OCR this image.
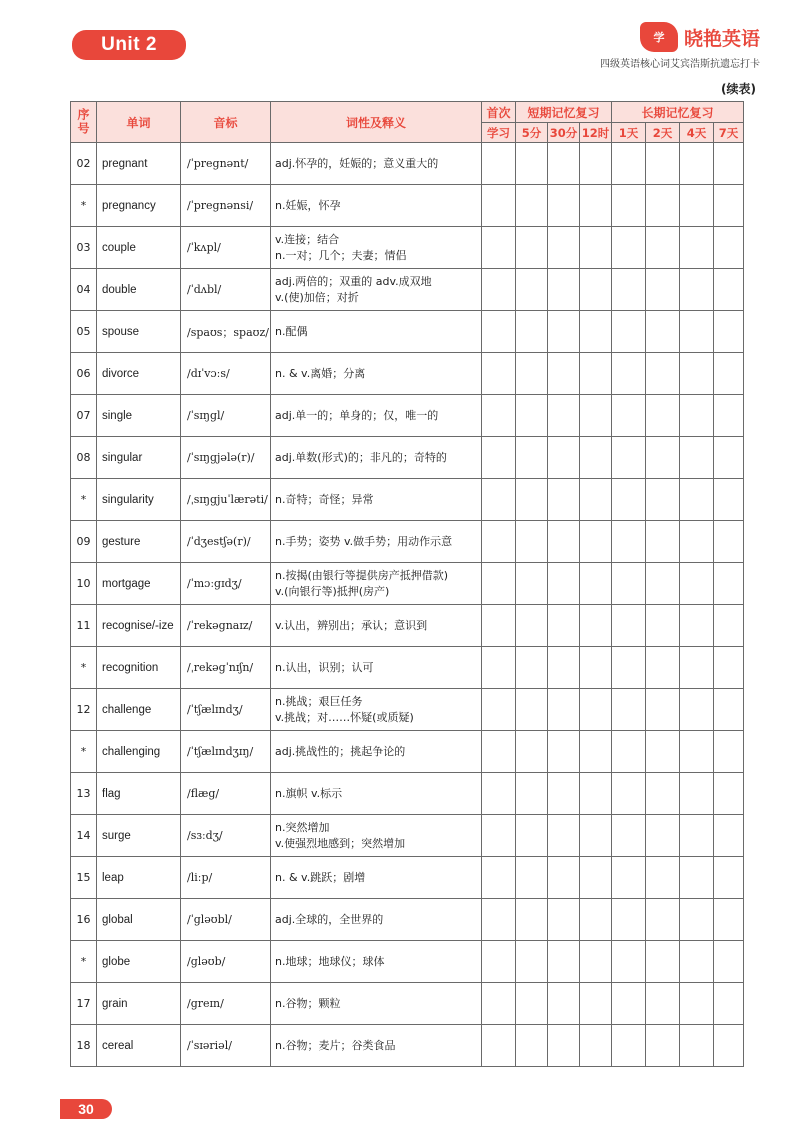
Unit 2	学	晓艳英语
四级英语核心词艾宾浩斯抗遗忘打卡
(续表)
序号	单词	音标	词性及释义	首次	短期记忆复习			长期记忆复习			
				学习	5分	30分	12时	1天	2天	4天	7天
02	pregnant	/ˈpregnənt/	adj.怀孕的，妊娠的；意义重大的								

*	pregnancy	/ˈpregnənsi/	n.妊娠，怀孕								

03	couple	/ˈkʌpl/	v.连接；结合
n.一对；几个；夫妻；情侣								

04	double	/ˈdʌbl/	adj.两倍的；双重的 adv.成双地
v.(使)加倍；对折								

05	spouse	/spaʊs；spaʊz/	n.配偶								

06	divorce	/dɪˈvɔːs/	n. & v.离婚；分离								

07	single	/ˈsɪŋgl/	adj.单一的；单身的；仅，唯一的								

08	singular	/ˈsɪŋgjələ(r)/	adj.单数(形式)的；非凡的；奇特的								

*	singularity	/ˌsɪŋgjuˈlærəti/	n.奇特；奇怪；异常								

09	gesture	/ˈdʒestʃə(r)/	n.手势；姿势 v.做手势；用动作示意								

10	mortgage	/ˈmɔːgɪdʒ/	n.按揭(由银行等提供房产抵押借款)
v.(向银行等)抵押(房产)								

11	recognise/-ize	/ˈrekəgnaɪz/	v.认出，辨别出；承认；意识到								

*	recognition	/ˌrekəgˈnɪʃn/	n.认出，识别；认可								

12	challenge	/ˈtʃælɪndʒ/	n.挑战；艰巨任务
v.挑战；对……怀疑(或质疑)								

*	challenging	/ˈtʃælɪndʒɪŋ/	adj.挑战性的；挑起争论的								

13	flag	/flæg/	n.旗帜 v.标示								

14	surge	/sɜːdʒ/	n.突然增加
v.使强烈地感到；突然增加								

15	leap	/liːp/	n. & v.跳跃；剧增								

16	global	/ˈgləʊbl/	adj.全球的，全世界的								

*	globe	/gləʊb/	n.地球；地球仪；球体								

17	grain	/greɪn/	n.谷物；颗粒								

18	cereal	/ˈsɪəriəl/	n.谷物；麦片；谷类食品								

30
